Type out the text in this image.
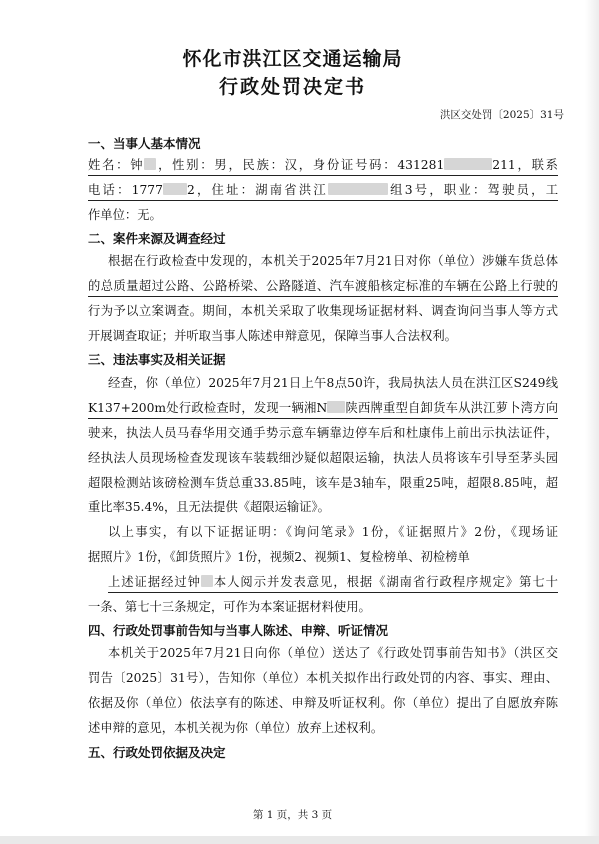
怀化市洪江区交通运输局
行政处罚决定书
洪区交处罚〔2025〕31号
一、当事人基本情况
姓名：钟 ，性别：男，民族：汉，身份证号码：431281	211，联系
电话：1777 2，住址：湖南省洪江	组3号，职业：驾驶员，工
作单位：无。
二、案件来源及调查经过
根据在行政检查中发现的，本机关于2025年7月21日对你（单位）涉嫌车货总体
的总质量超过公路、公路桥梁、公路隧道、汽车渡船核定标准的车辆在公路上行驶的
行为予以立案调查。期间，本机关采取了收集现场证据材料、调查询问当事人等方式
开展调查取证；并听取当事人陈述申辩意见，保障当事人合法权利。
三、违法事实及相关证据
经查，你（单位）2025年7月21日上午8点50许，我局执法人员在洪江区S249线
K137+200m处行政检查时，发现一辆湘N 陕西牌重型自卸货车从洪江萝卜湾方向
驶来，执法人员马春华用交通手势示意车辆靠边停车后和杜康伟上前出示执法证件，
经执法人员现场检查发现该车装载细沙疑似超限运输，执法人员将该车引导至茅头园
超限检测站该磅检测车货总重33.85吨，该车是3轴车，限重25吨，超限8.85吨，超
重比率35.4%，且无法提供《超限运输证》。
以上事实，有以下证据证明：《询问笔录》1份，《证据照片》2份，《现场证
据照片》1份，《卸货照片》1份，视频2、视频1、复检榜单、初检榜单
上述证据经过钟 本人阅示并发表意见，根据《湖南省行政程序规定》第七十
一条、第七十三条规定，可作为本案证据材料使用。
四、行政处罚事前告知与当事人陈述、申辩、听证情况
本机关于2025年7月21日向你（单位）送达了《行政处罚事前告知书》（洪区交
罚告〔2025〕31号），告知你（单位）本机关拟作出行政处罚的内容、事实、理由、
依据及你（单位）依法享有的陈述、申辩及听证权利。你（单位）提出了自愿放弃陈
述申辩的意见，本机关视为你（单位）放弃上述权利。
五、行政处罚依据及决定
第 1 页，共 3 页
